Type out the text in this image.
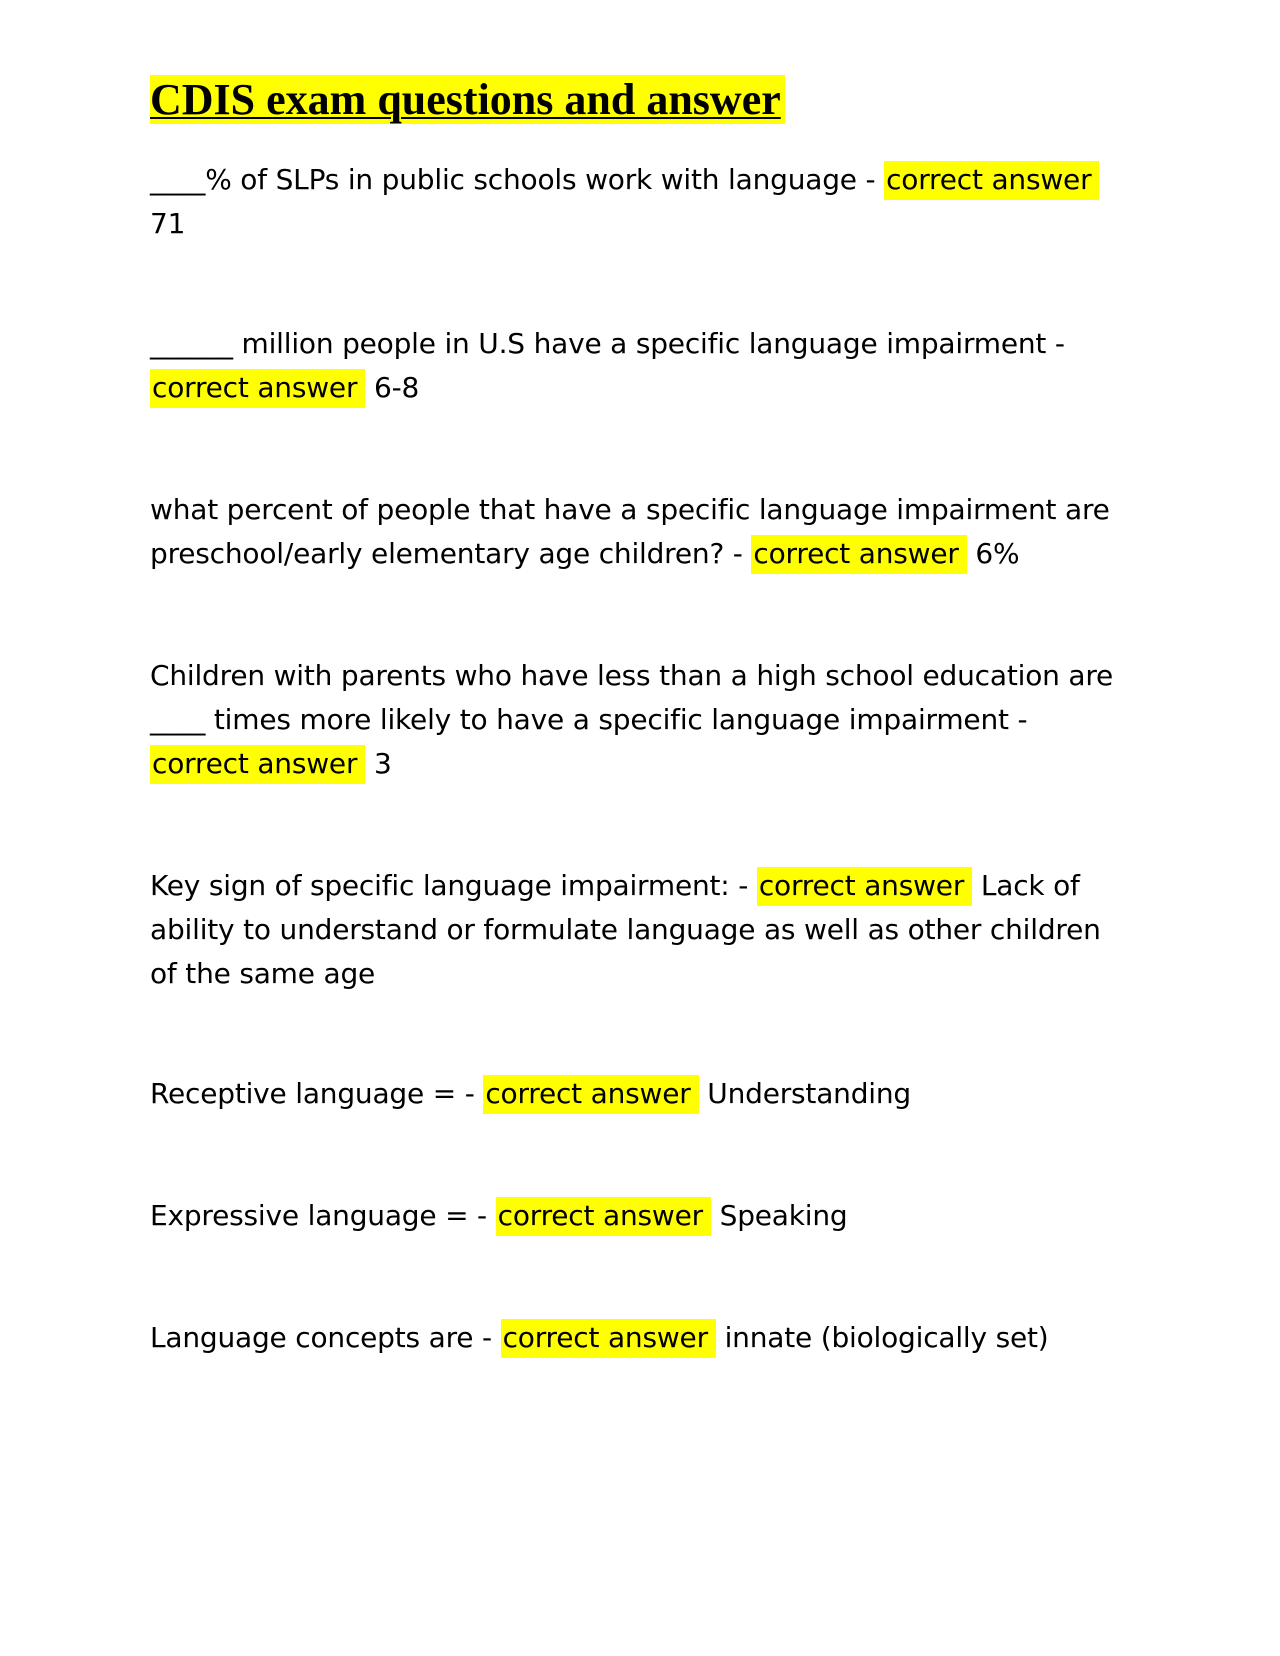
CDIS exam questions and answer

____% of SLPs in public schools work with language - correct answer
71

______ million people in U.S have a specific language impairment -
correct answer 6-8

what percent of people that have a specific language impairment are preschool/early elementary age children? - correct answer 6%

Children with parents who have less than a high school education are ____ times more likely to have a specific language impairment - correct answer 3

Key sign of specific language impairment: - correct answer Lack of ability to understand or formulate language as well as other children of the same age

Receptive language = - correct answer Understanding

Expressive language = - correct answer Speaking

Language concepts are - correct answer innate (biologically set)
